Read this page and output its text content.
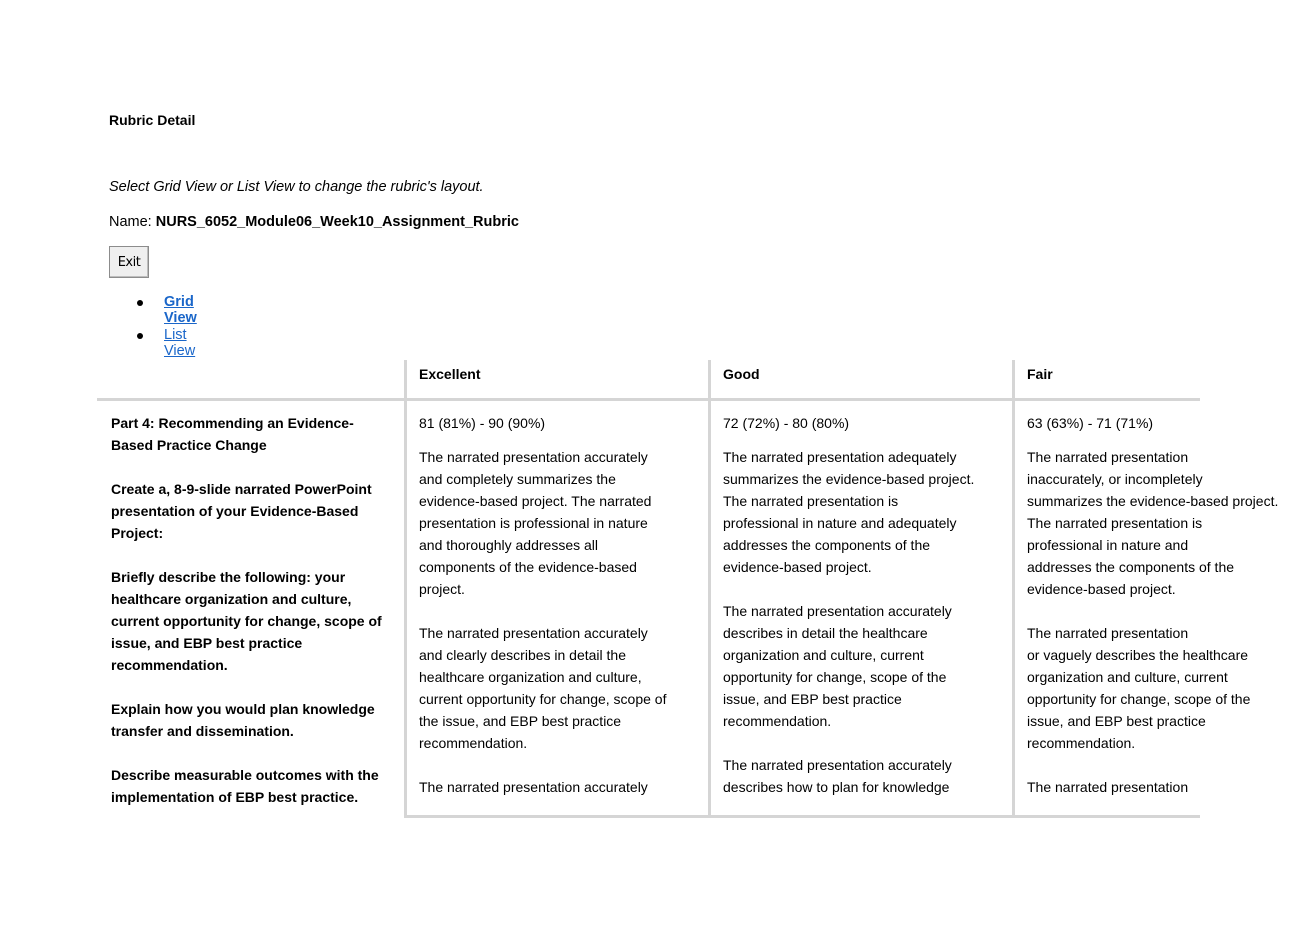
Rubric Detail
Select Grid View or List View to change the rubric's layout.
Name: NURS_6052_Module06_Week10_Assignment_Rubric
Exit
Grid View
List View
Excellent	Good	Fair

Part 4: Recommending an Evidence-
Based Practice Change

Create a, 8-9-slide narrated PowerPoint
presentation of your Evidence-Based
Project:

Briefly describe the following: your
healthcare organization and culture,
current opportunity for change, scope of
issue, and EBP best practice
recommendation.

Explain how you would plan knowledge
transfer and dissemination.

Describe measurable outcomes with the
implementation of EBP best practice.

81 (81%) - 90 (90%)

The narrated presentation accurately
and completely summarizes the
evidence-based project. The narrated
presentation is professional in nature
and thoroughly addresses all
components of the evidence-based
project.

The narrated presentation accurately
and clearly describes in detail the
healthcare organization and culture,
current opportunity for change, scope of
the issue, and EBP best practice
recommendation.

The narrated presentation accurately

72 (72%) - 80 (80%)

The narrated presentation adequately
summarizes the evidence-based project.
The narrated presentation is
professional in nature and adequately
addresses the components of the
evidence-based project.

The narrated presentation accurately
describes in detail the healthcare
organization and culture, current
opportunity for change, scope of the
issue, and EBP best practice
recommendation.

The narrated presentation accurately
describes how to plan for knowledge

63 (63%) - 71 (71%)

The narrated presentation
inaccurately, or incompletely
summarizes the evidence-based project.
The narrated presentation is
professional in nature and
addresses the components of the
evidence-based project.

The narrated presentation
or vaguely describes the healthcare
organization and culture, current
opportunity for change, scope of the
issue, and EBP best practice
recommendation.

The narrated presentation
